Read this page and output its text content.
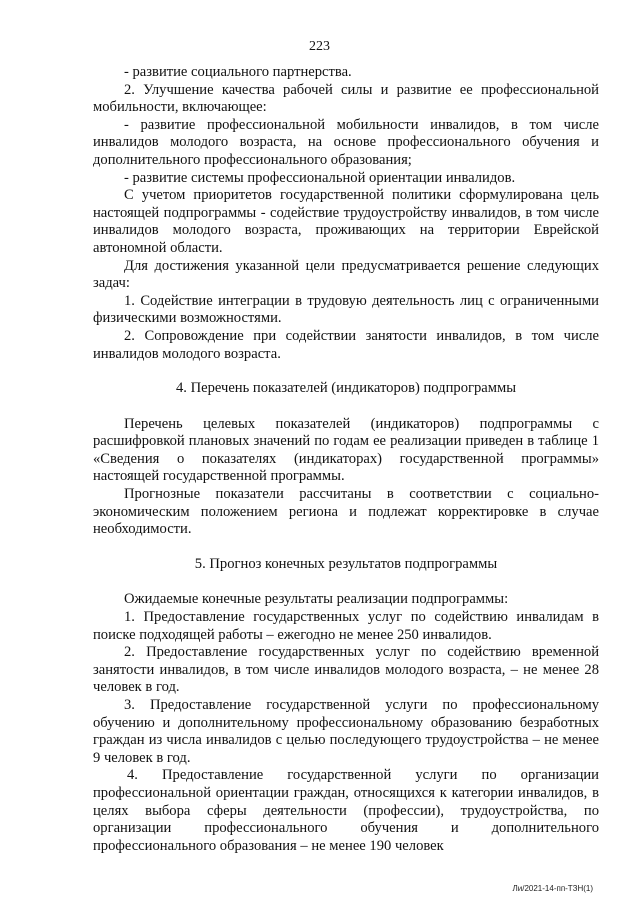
223

- развитие социального партнерства.

2. Улучшение качества рабочей силы и развитие ее профессиональной мобильности, включающее:

- развитие профессиональной мобильности инвалидов, в том числе инвалидов молодого возраста, на основе профессионального обучения и дополнительного профессионального образования;

- развитие системы профессиональной ориентации инвалидов.

С учетом приоритетов государственной политики сформулирована цель настоящей подпрограммы - содействие трудоустройству инвалидов, в том числе инвалидов молодого возраста, проживающих на территории Еврейской автономной области.

Для достижения указанной цели предусматривается решение следующих задач:

1. Содействие интеграции в трудовую деятельность лиц с ограниченными физическими возможностями.

2. Сопровождение при содействии занятости инвалидов, в том числе инвалидов молодого возраста.

4. Перечень показателей (индикаторов) подпрограммы

Перечень целевых показателей (индикаторов) подпрограммы с расшифровкой плановых значений по годам ее реализации приведен в таблице 1 «Сведения о показателях (индикаторах) государственной программы» настоящей государственной программы.

Прогнозные показатели рассчитаны в соответствии с социально-экономическим положением региона и подлежат корректировке в случае необходимости.

5. Прогноз конечных результатов подпрограммы

Ожидаемые конечные результаты реализации подпрограммы:

1. Предоставление государственных услуг по содействию инвалидам в поиске подходящей работы – ежегодно не менее 250 инвалидов.

2. Предоставление государственных услуг по содействию временной занятости инвалидов, в том числе инвалидов молодого возраста, – не менее 28 человек в год.

3. Предоставление государственной услуги по профессиональному обучению и дополнительному профессиональному образованию безработных граждан из числа инвалидов с целью последующего трудоустройства – не менее 9 человек в год.

4. Предоставление государственной услуги по организации профессиональной ориентации граждан, относящихся к категории инвалидов, в целях выбора сферы деятельности (профессии), трудоустройства, по организации профессионального обучения и дополнительного профессионального образования – не менее 190 человек

Ли/2021-14-пп-ТЗН(1)
